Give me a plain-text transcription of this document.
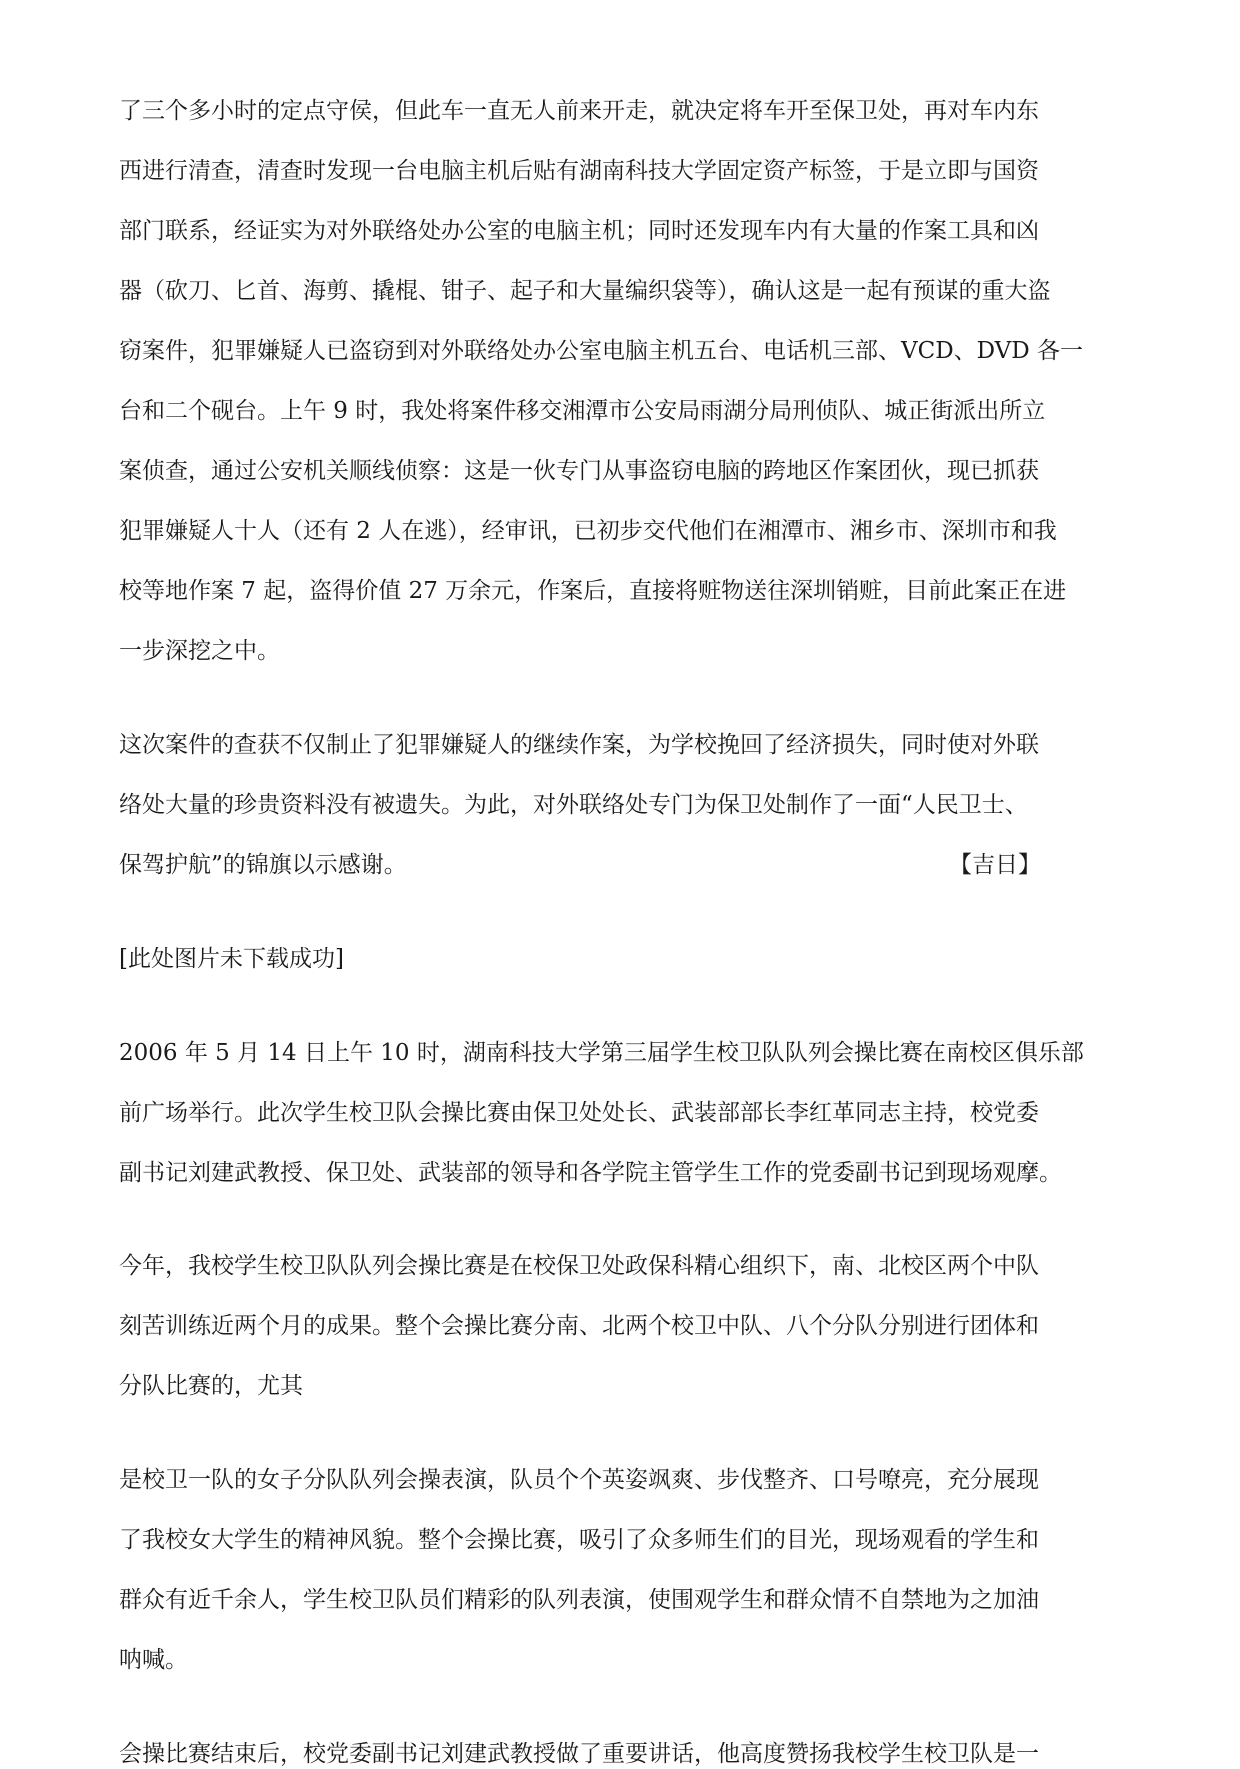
了三个多小时的定点守侯，但此车一直无人前来开走，就决定将车开至保卫处，再对车内东
西进行清查，清查时发现一台电脑主机后贴有湖南科技大学固定资产标签，于是立即与国资
部门联系，经证实为对外联络处办公室的电脑主机；同时还发现车内有大量的作案工具和凶
器（砍刀、匕首、海剪、撬棍、钳子、起子和大量编织袋等），确认这是一起有预谋的重大盗
窃案件，犯罪嫌疑人已盗窃到对外联络处办公室电脑主机五台、电话机三部、VCD、DVD 各一
台和二个砚台。上午 9 时，我处将案件移交湘潭市公安局雨湖分局刑侦队、城正街派出所立
案侦查，通过公安机关顺线侦察：这是一伙专门从事盗窃电脑的跨地区作案团伙，现已抓获
犯罪嫌疑人十人（还有 2 人在逃），经审讯，已初步交代他们在湘潭市、湘乡市、深圳市和我
校等地作案 7 起，盗得价值 27 万余元，作案后，直接将赃物送往深圳销赃，目前此案正在进
一步深挖之中。
这次案件的查获不仅制止了犯罪嫌疑人的继续作案，为学校挽回了经济损失，同时使对外联
络处大量的珍贵资料没有被遗失。为此，对外联络处专门为保卫处制作了一面“人民卫士、
保驾护航”的锦旗以示感谢。	【吉日】
[此处图片未下载成功]
2006 年 5 月 14 日上午 10 时，湖南科技大学第三届学生校卫队队列会操比赛在南校区俱乐部
前广场举行。此次学生校卫队会操比赛由保卫处处长、武装部部长李红革同志主持，校党委
副书记刘建武教授、保卫处、武装部的领导和各学院主管学生工作的党委副书记到现场观摩。
今年，我校学生校卫队队列会操比赛是在校保卫处政保科精心组织下，南、北校区两个中队
刻苦训练近两个月的成果。整个会操比赛分南、北两个校卫中队、八个分队分别进行团体和
分队比赛的，尤其
是校卫一队的女子分队队列会操表演，队员个个英姿飒爽、步伐整齐、口号嘹亮，充分展现
了我校女大学生的精神风貌。整个会操比赛，吸引了众多师生们的目光，现场观看的学生和
群众有近千余人，学生校卫队员们精彩的队列表演，使围观学生和群众情不自禁地为之加油
呐喊。
会操比赛结束后，校党委副书记刘建武教授做了重要讲话，他高度赞扬我校学生校卫队是一
